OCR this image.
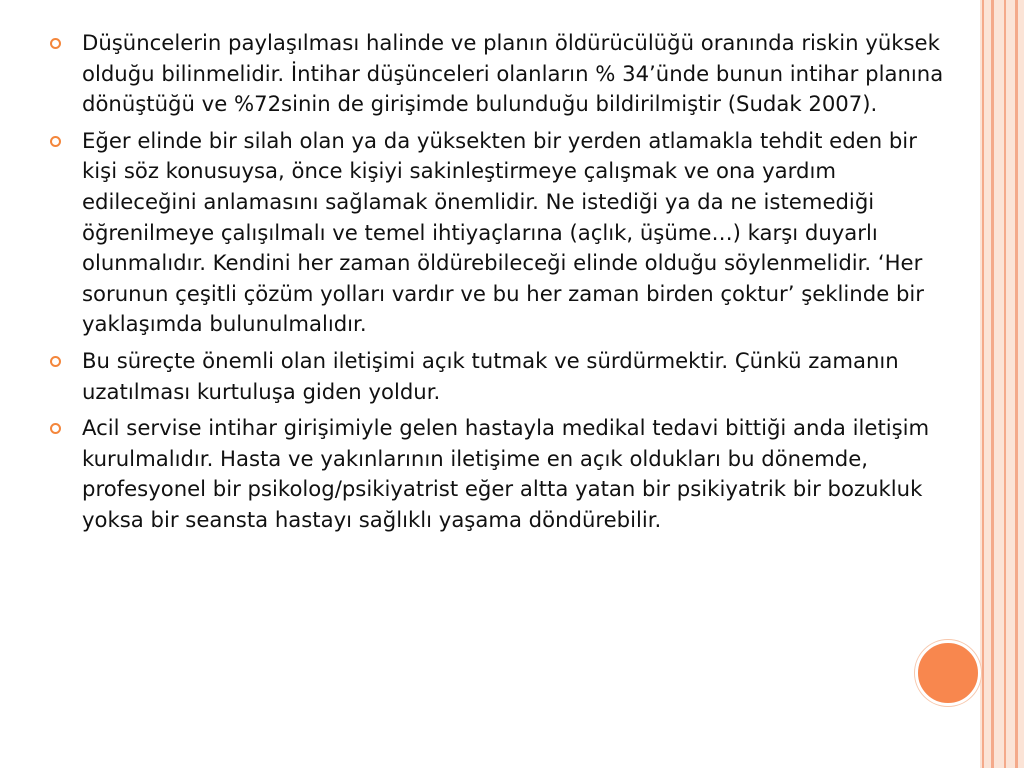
Düşüncelerin paylaşılması halinde ve planın öldürücülüğü oranında riskin yüksek olduğu bilinmelidir. İntihar düşünceleri olanların % 34’ünde bunun intihar planına dönüştüğü ve %72sinin de girişimde bulunduğu bildirilmiştir (Sudak 2007).
Eğer elinde bir silah olan ya da yüksekten bir yerden atlamakla tehdit eden bir kişi söz konusuysa, önce kişiyi sakinleştirmeye çalışmak ve ona yardım edileceğini anlamasını sağlamak önemlidir. Ne istediği ya da ne istemediği öğrenilmeye çalışılmalı ve temel ihtiyaçlarına (açlık, üşüme…) karşı duyarlı olunmalıdır. Kendini her zaman öldürebileceği elinde olduğu söylenmelidir. ‘Her sorunun çeşitli çözüm yolları vardır ve bu her zaman birden çoktur’ şeklinde bir yaklaşımda bulunulmalıdır.
Bu süreçte önemli olan iletişimi açık tutmak ve sürdürmektir. Çünkü zamanın uzatılması kurtuluşa giden yoldur.
Acil servise intihar girişimiyle gelen hastayla medikal tedavi bittiği anda iletişim kurulmalıdır. Hasta ve yakınlarının iletişime en açık oldukları bu dönemde, profesyonel bir psikolog/psikiyatrist eğer altta yatan bir psikiyatrik bir bozukluk yoksa bir seansta hastayı sağlıklı yaşama döndürebilir.
